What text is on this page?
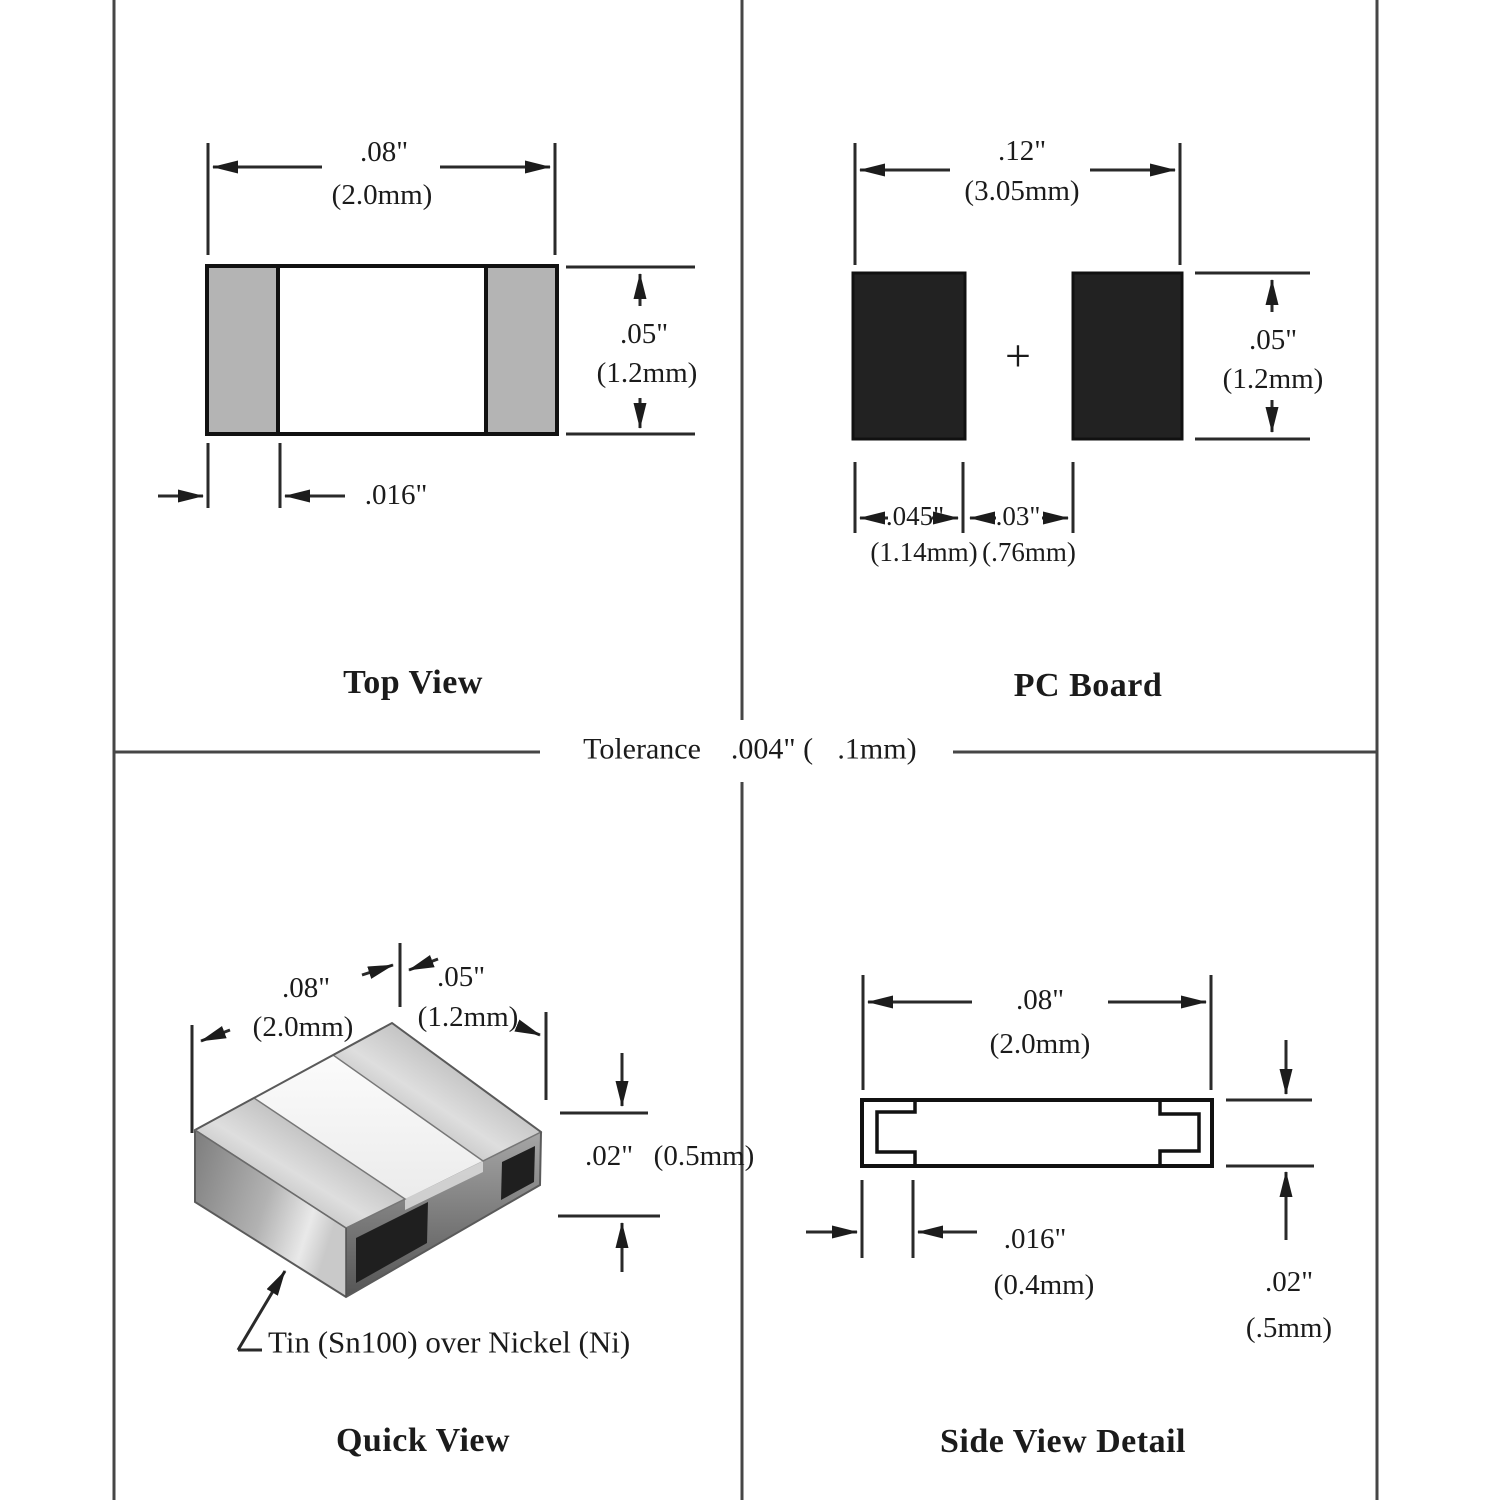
Tolerance .004" ( .1mm)
.08"
(2.0mm)
.05"
(1.2mm)
.016"
Top View
.12"
(3.05mm)
+	.05"
(1.2mm)
.045" .03"
(1.14mm) (.76mm)
PC Board
.08"
(2.0mm)
.05"
(1.2mm)
.02" (0.5mm)
Tin (Sn100) over Nickel (Ni)
Quick View
.08"
(2.0mm)
.016"
(0.4mm)	.02"
(.5mm)
Side View Detail
